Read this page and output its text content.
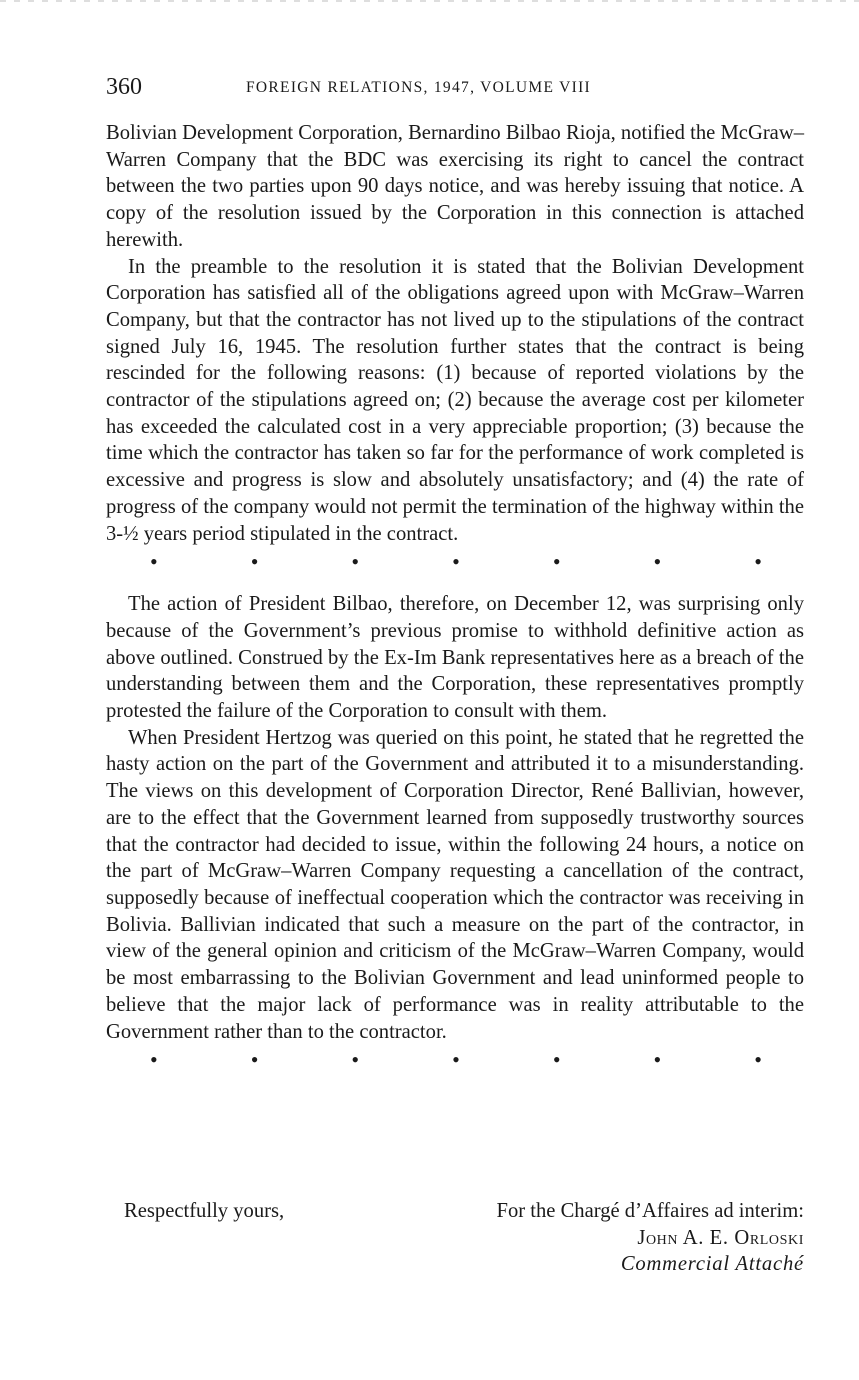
360	FOREIGN RELATIONS, 1947, VOLUME VIII

Bolivian Development Corporation, Bernardino Bilbao Rioja, notified the McGraw–Warren Company that the BDC was exercising its right to cancel the contract between the two parties upon 90 days notice, and was hereby issuing that notice. A copy of the resolution issued by the Corporation in this connection is attached herewith.

In the preamble to the resolution it is stated that the Bolivian Development Corporation has satisfied all of the obligations agreed upon with McGraw–Warren Company, but that the contractor has not lived up to the stipulations of the contract signed July 16, 1945. The resolution further states that the contract is being rescinded for the following reasons: (1) because of reported violations by the contractor of the stipulations agreed on; (2) because the average cost per kilometer has exceeded the calculated cost in a very appreciable proportion; (3) because the time which the contractor has taken so far for the performance of work completed is excessive and progress is slow and absolutely unsatisfactory; and (4) the rate of progress of the company would not permit the termination of the highway within the 3-½ years period stipulated in the contract.

•	•	•	•	•	•	•

The action of President Bilbao, therefore, on December 12, was surprising only because of the Government’s previous promise to withhold definitive action as above outlined. Construed by the Ex-Im Bank representatives here as a breach of the understanding between them and the Corporation, these representatives promptly protested the failure of the Corporation to consult with them.

When President Hertzog was queried on this point, he stated that he regretted the hasty action on the part of the Government and attributed it to a misunderstanding. The views on this development of Corporation Director, René Ballivian, however, are to the effect that the Government learned from supposedly trustworthy sources that the contractor had decided to issue, within the following 24 hours, a notice on the part of McGraw–Warren Company requesting a cancellation of the contract, supposedly because of ineffectual cooperation which the contractor was receiving in Bolivia. Ballivian indicated that such a measure on the part of the contractor, in view of the general opinion and criticism of the McGraw–Warren Company, would be most embarrassing to the Bolivian Government and lead uninformed people to believe that the major lack of performance was in reality attributable to the Government rather than to the contractor.

•	•	•	•	•	•	•
Respectfully yours,	For the Chargé d’Affaires ad interim:
John A. E. Orloski
Commercial Attaché
